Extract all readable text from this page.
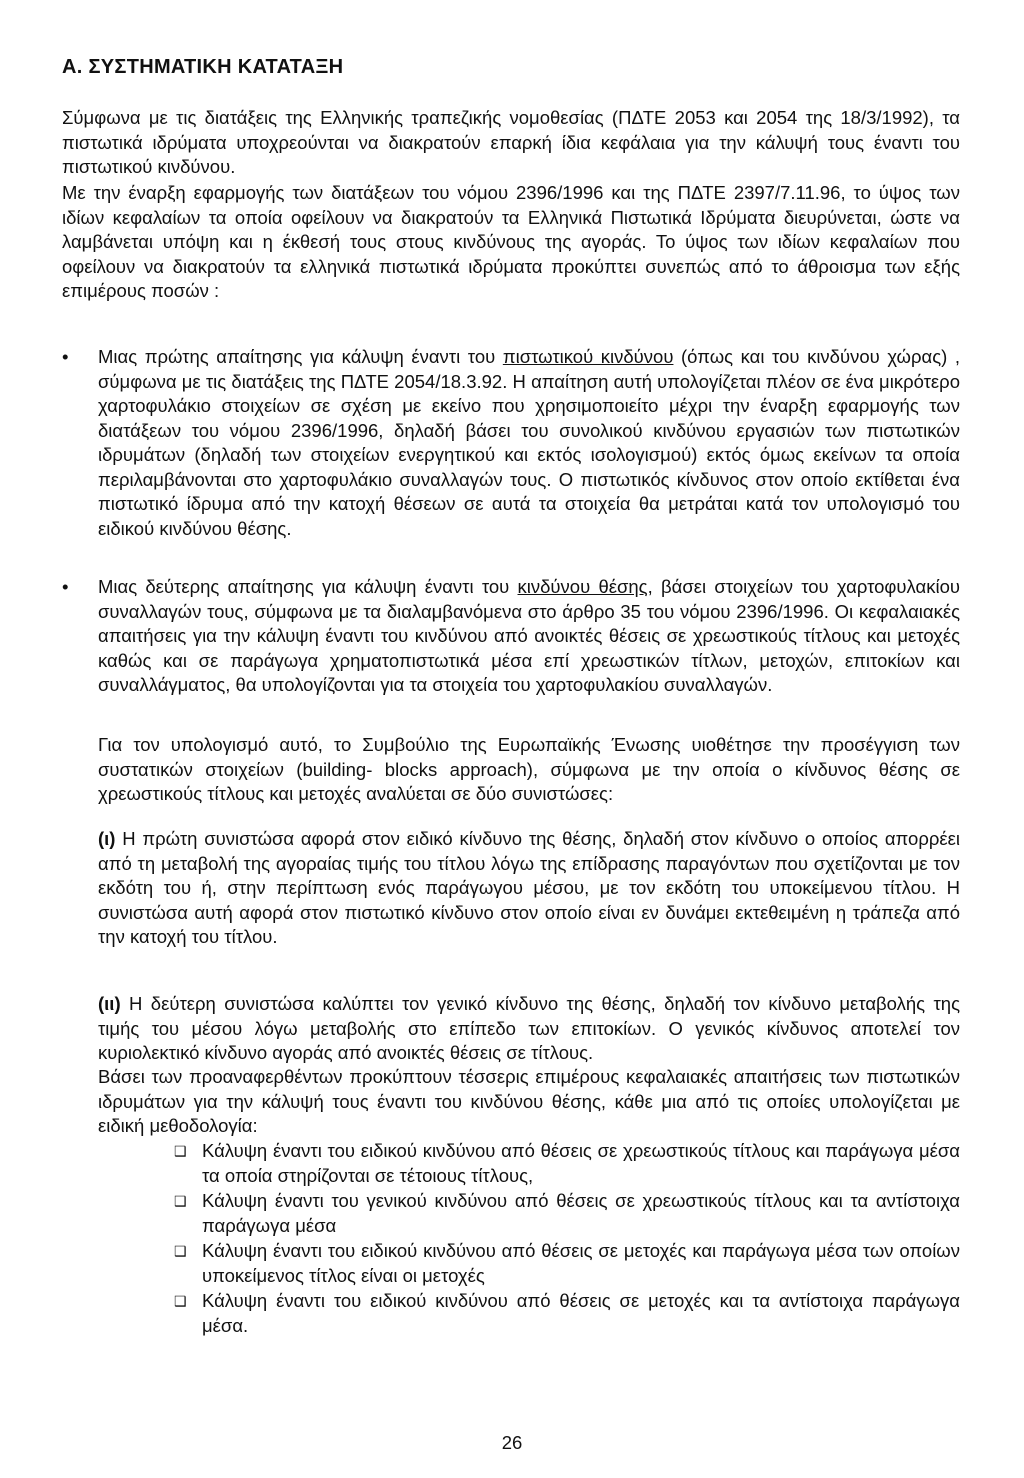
Α. ΣΥΣΤΗΜΑΤΙΚΗ ΚΑΤΑΤΑΞΗ
Σύμφωνα με τις διατάξεις της Ελληνικής τραπεζικής νομοθεσίας (ΠΔΤΕ 2053 και 2054 της 18/3/1992), τα πιστωτικά ιδρύματα υποχρεούνται να διακρατούν επαρκή ίδια κεφάλαια για την κάλυψή τους έναντι του πιστωτικού κινδύνου.
Με την έναρξη εφαρμογής των διατάξεων του νόμου 2396/1996 και της ΠΔΤΕ 2397/7.11.96, το ύψος των ιδίων κεφαλαίων τα οποία οφείλουν να διακρατούν τα Ελληνικά Πιστωτικά Ιδρύματα διευρύνεται, ώστε να λαμβάνεται υπόψη και η έκθεσή τους στους κινδύνους της αγοράς. Το ύψος των ιδίων κεφαλαίων που οφείλουν να διακρατούν τα ελληνικά πιστωτικά ιδρύματα προκύπτει συνεπώς από το άθροισμα των εξής επιμέρους ποσών :
•	Μιας πρώτης απαίτησης για κάλυψη έναντι του πιστωτικού κινδύνου (όπως και του κινδύνου χώρας) , σύμφωνα με τις διατάξεις της ΠΔΤΕ 2054/18.3.92. Η απαίτηση αυτή υπολογίζεται πλέον σε ένα μικρότερο χαρτοφυλάκιο στοιχείων σε σχέση με εκείνο που χρησιμοποιείτο μέχρι την έναρξη εφαρμογής των διατάξεων του νόμου 2396/1996, δηλαδή βάσει του συνολικού κινδύνου εργασιών των πιστωτικών ιδρυμάτων (δηλαδή των στοιχείων ενεργητικού και εκτός ισολογισμού) εκτός όμως εκείνων τα οποία περιλαμβάνονται στο χαρτοφυλάκιο συναλλαγών τους. Ο πιστωτικός κίνδυνος στον οποίο εκτίθεται ένα πιστωτικό ίδρυμα από την κατοχή θέσεων σε αυτά τα στοιχεία θα μετράται κατά τον υπολογισμό του ειδικού κινδύνου θέσης.
•	Μιας δεύτερης απαίτησης για κάλυψη έναντι του κινδύνου θέσης, βάσει στοιχείων του χαρτοφυλακίου συναλλαγών τους, σύμφωνα με τα διαλαμβανόμενα στο άρθρο 35 του νόμου 2396/1996. Οι κεφαλαιακές απαιτήσεις για την κάλυψη έναντι του κινδύνου από ανοικτές θέσεις σε χρεωστικούς τίτλους και μετοχές καθώς και σε παράγωγα χρηματοπιστωτικά μέσα επί χρεωστικών τίτλων, μετοχών, επιτοκίων και συναλλάγματος, θα υπολογίζονται για τα στοιχεία του χαρτοφυλακίου συναλλαγών.
Για τον υπολογισμό αυτό, το Συμβούλιο της Ευρωπαϊκής Ένωσης υιοθέτησε την προσέγγιση των συστατικών στοιχείων (building- blocks approach), σύμφωνα με την οποία ο κίνδυνος θέσης σε χρεωστικούς τίτλους και μετοχές αναλύεται σε δύο συνιστώσες:
(ι) Η πρώτη συνιστώσα αφορά στον ειδικό κίνδυνο της θέσης, δηλαδή στον κίνδυνο ο οποίος απορρέει από τη μεταβολή της αγοραίας τιμής του τίτλου λόγω της επίδρασης παραγόντων που σχετίζονται με τον εκδότη του ή, στην περίπτωση ενός παράγωγου μέσου, με τον εκδότη του υποκείμενου τίτλου. Η συνιστώσα αυτή αφορά στον πιστωτικό κίνδυνο στον οποίο είναι εν δυνάμει εκτεθειμένη η τράπεζα από την κατοχή του τίτλου.
(ιι) Η δεύτερη συνιστώσα καλύπτει τον γενικό κίνδυνο της θέσης, δηλαδή τον κίνδυνο μεταβολής της τιμής του μέσου λόγω μεταβολής στο επίπεδο των επιτοκίων. Ο γενικός κίνδυνος αποτελεί τον κυριολεκτικό κίνδυνο αγοράς από ανοικτές θέσεις σε τίτλους.
Βάσει των προαναφερθέντων προκύπτουν τέσσερις επιμέρους κεφαλαιακές απαιτήσεις των πιστωτικών ιδρυμάτων για την κάλυψή τους έναντι του κινδύνου θέσης, κάθε μια από τις οποίες υπολογίζεται με ειδική μεθοδολογία:
❑ Κάλυψη έναντι του ειδικού κινδύνου από θέσεις σε χρεωστικούς τίτλους και παράγωγα μέσα τα οποία στηρίζονται σε τέτοιους τίτλους,
❑ Κάλυψη έναντι του γενικού κινδύνου από θέσεις σε χρεωστικούς τίτλους και τα αντίστοιχα παράγωγα μέσα
❑ Κάλυψη έναντι του ειδικού κινδύνου από θέσεις σε μετοχές και παράγωγα μέσα των οποίων υποκείμενος τίτλος είναι οι μετοχές
❑ Κάλυψη έναντι του ειδικού κινδύνου από θέσεις σε μετοχές και τα αντίστοιχα παράγωγα μέσα.
26
